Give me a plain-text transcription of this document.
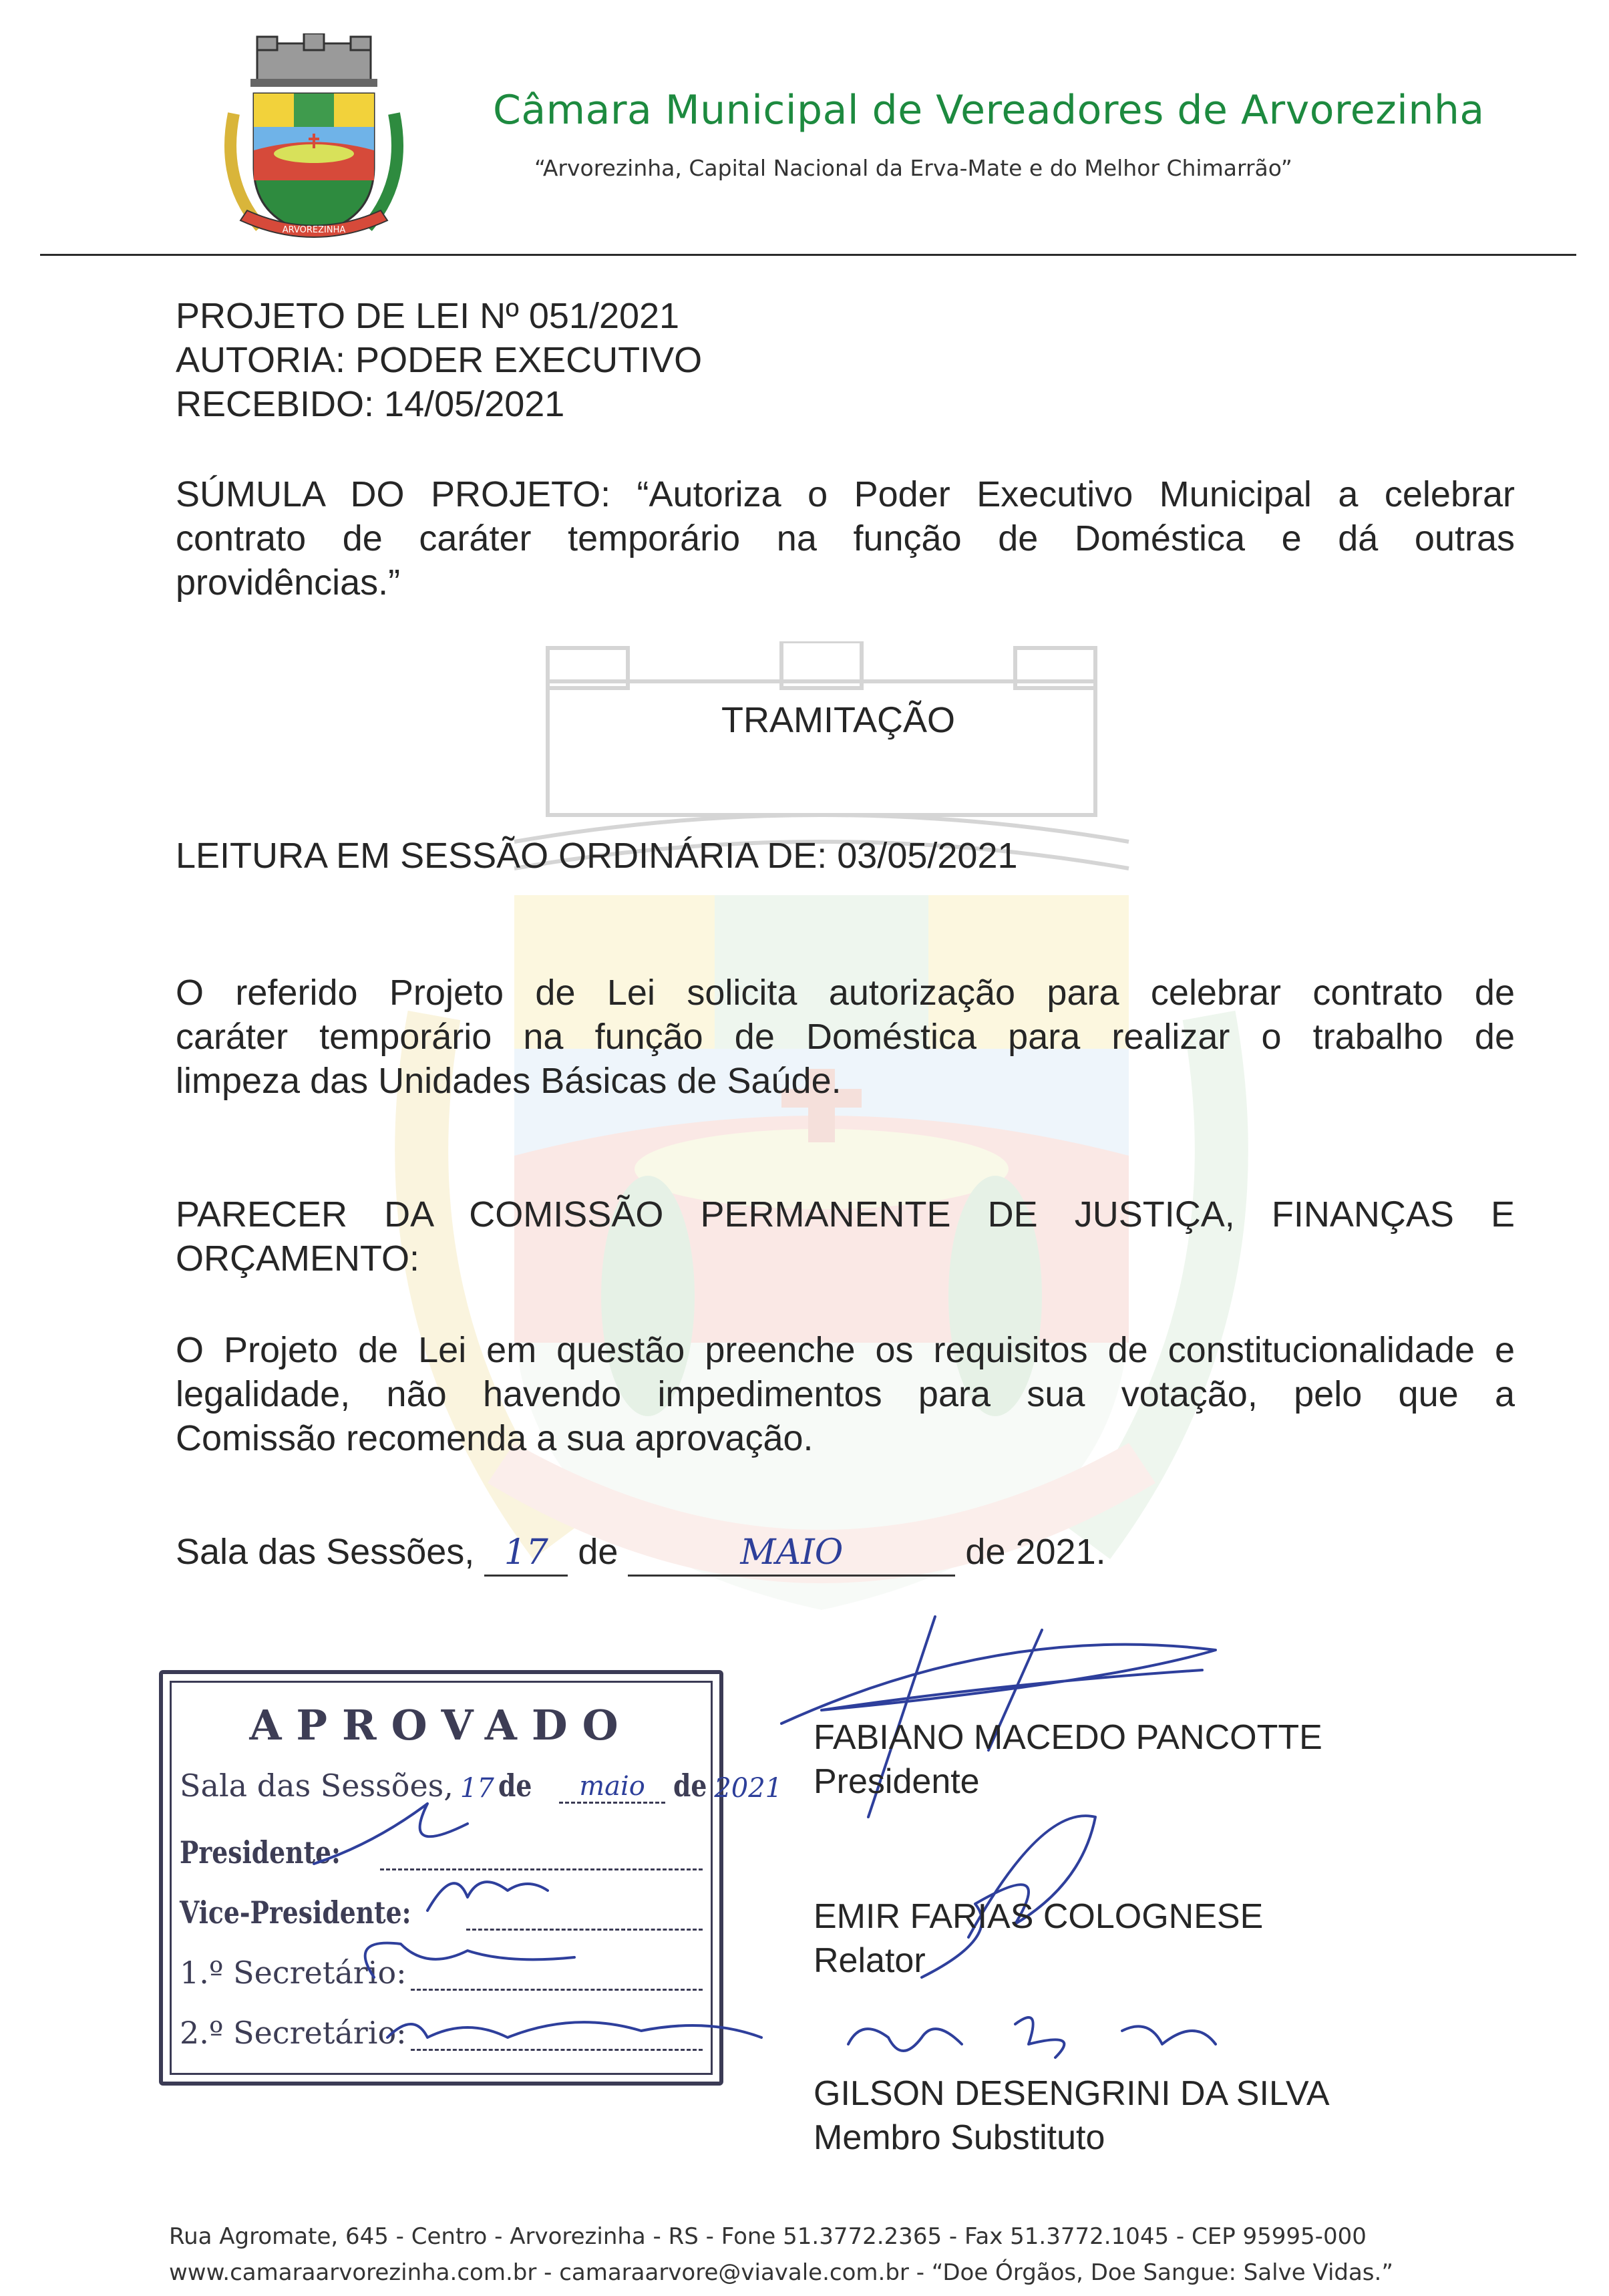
ARVOREZINHA
Câmara Municipal de Vereadores de Arvorezinha
“Arvorezinha, Capital Nacional da Erva-Mate e do Melhor Chimarrão”
PROJETO DE LEI Nº 051/2021
AUTORIA: PODER EXECUTIVO
RECEBIDO: 14/05/2021
SÚMULA DO PROJETO: “Autoriza o Poder Executivo Municipal a celebrar
contrato de caráter temporário na função de Doméstica e dá outras
providências.”
TRAMITAÇÃO
LEITURA EM SESSÃO ORDINÁRIA DE: 03/05/2021
O referido Projeto de Lei solicita autorização para celebrar contrato de
caráter temporário na função de Doméstica para realizar o trabalho de
limpeza das Unidades Básicas de Saúde.
PARECER DA COMISSÃO PERMANENTE DE JUSTIÇA, FINANÇAS E
ORÇAMENTO:
O Projeto de Lei em questão preenche os requisitos de constitucionalidade e
legalidade, não havendo impedimentos para sua votação, pelo que a
Comissão recomenda a sua aprovação.
Sala das Sessões, 17 de	MAIO	de 2021.
APROVADO
Sala das Sessões, 17 de	maio de 2021
Presidente:
Vice-Presidente:
1.º Secretário:
2.º Secretário:
FABIANO MACEDO PANCOTTE
Presidente
EMIR FARIAS COLOGNESE
Relator
GILSON DESENGRINI DA SILVA
Membro Substituto
Rua Agromate, 645 - Centro - Arvorezinha - RS - Fone 51.3772.2365 - Fax 51.3772.1045 - CEP 95995-000
www.camaraarvorezinha.com.br - camaraarvore@viavale.com.br - “Doe Órgãos, Doe Sangue: Salve Vidas.”
